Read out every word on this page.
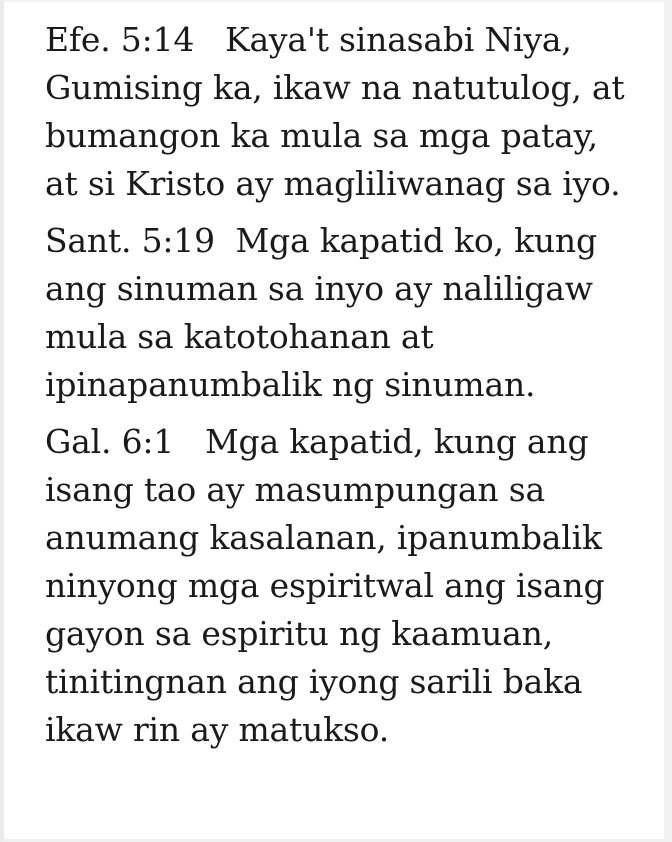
Efe. 5:14   Kaya't sinasabi Niya,
Gumising ka, ikaw na natutulog, at
bumangon ka mula sa mga patay,
at si Kristo ay magliliwanag sa iyo.
Sant. 5:19  Mga kapatid ko, kung
ang sinuman sa inyo ay naliligaw
mula sa katotohanan at
ipinapanumbalik ng sinuman.
Gal. 6:1   Mga kapatid, kung ang
isang tao ay masumpungan sa
anumang kasalanan, ipanumbalik
ninyong mga espiritwal ang isang
gayon sa espiritu ng kaamuan,
tinitingnan ang iyong sarili baka
ikaw rin ay matukso.
